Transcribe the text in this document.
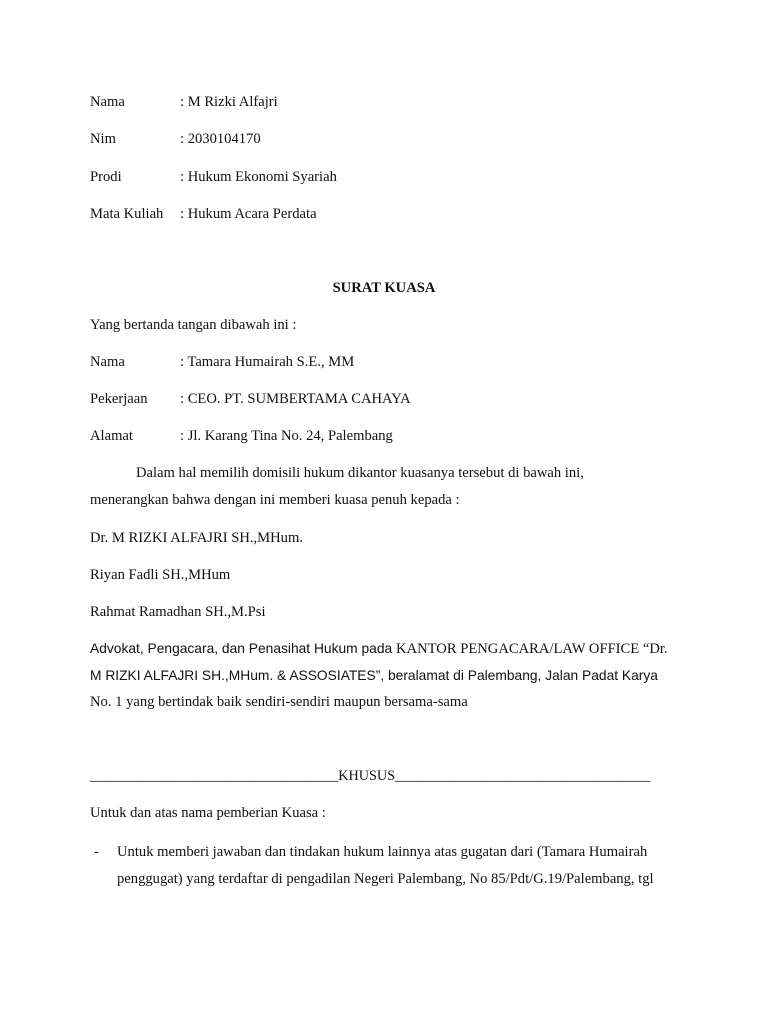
Nama	: M Rizki Alfajri
Nim	: 2030104170
Prodi	: Hukum Ekonomi Syariah
Mata Kuliah : Hukum Acara Perdata
SURAT KUASA
Yang bertanda tangan dibawah ini :
Nama	: Tamara Humairah S.E., MM
Pekerjaan : CEO. PT. SUMBERTAMA CAHAYA
Alamat	: Jl. Karang Tina No. 24, Palembang
Dalam hal memilih domisili hukum dikantor kuasanya tersebut di bawah ini,
menerangkan bahwa dengan ini memberi kuasa penuh kepada :
Dr. M RIZKI ALFAJRI SH.,MHum.
Riyan Fadli SH.,MHum
Rahmat Ramadhan SH.,M.Psi
Advokat, Pengacara, dan Penasihat Hukum pada KANTOR PENGACARA/LAW OFFICE “Dr.
M RIZKI ALFAJRI SH.,MHum. & ASSOSIATES”, beralamat di Palembang, Jalan Padat Karya
No. 1 yang bertindak baik sendiri-sendiri maupun bersama-sama
___________________________________KHUSUS____________________________________
Untuk dan atas nama pemberian Kuasa :
- Untuk memberi jawaban dan tindakan hukum lainnya atas gugatan dari (Tamara Humairah
penggugat) yang terdaftar di pengadilan Negeri Palembang, No 85/Pdt/G.19/Palembang, tgl
